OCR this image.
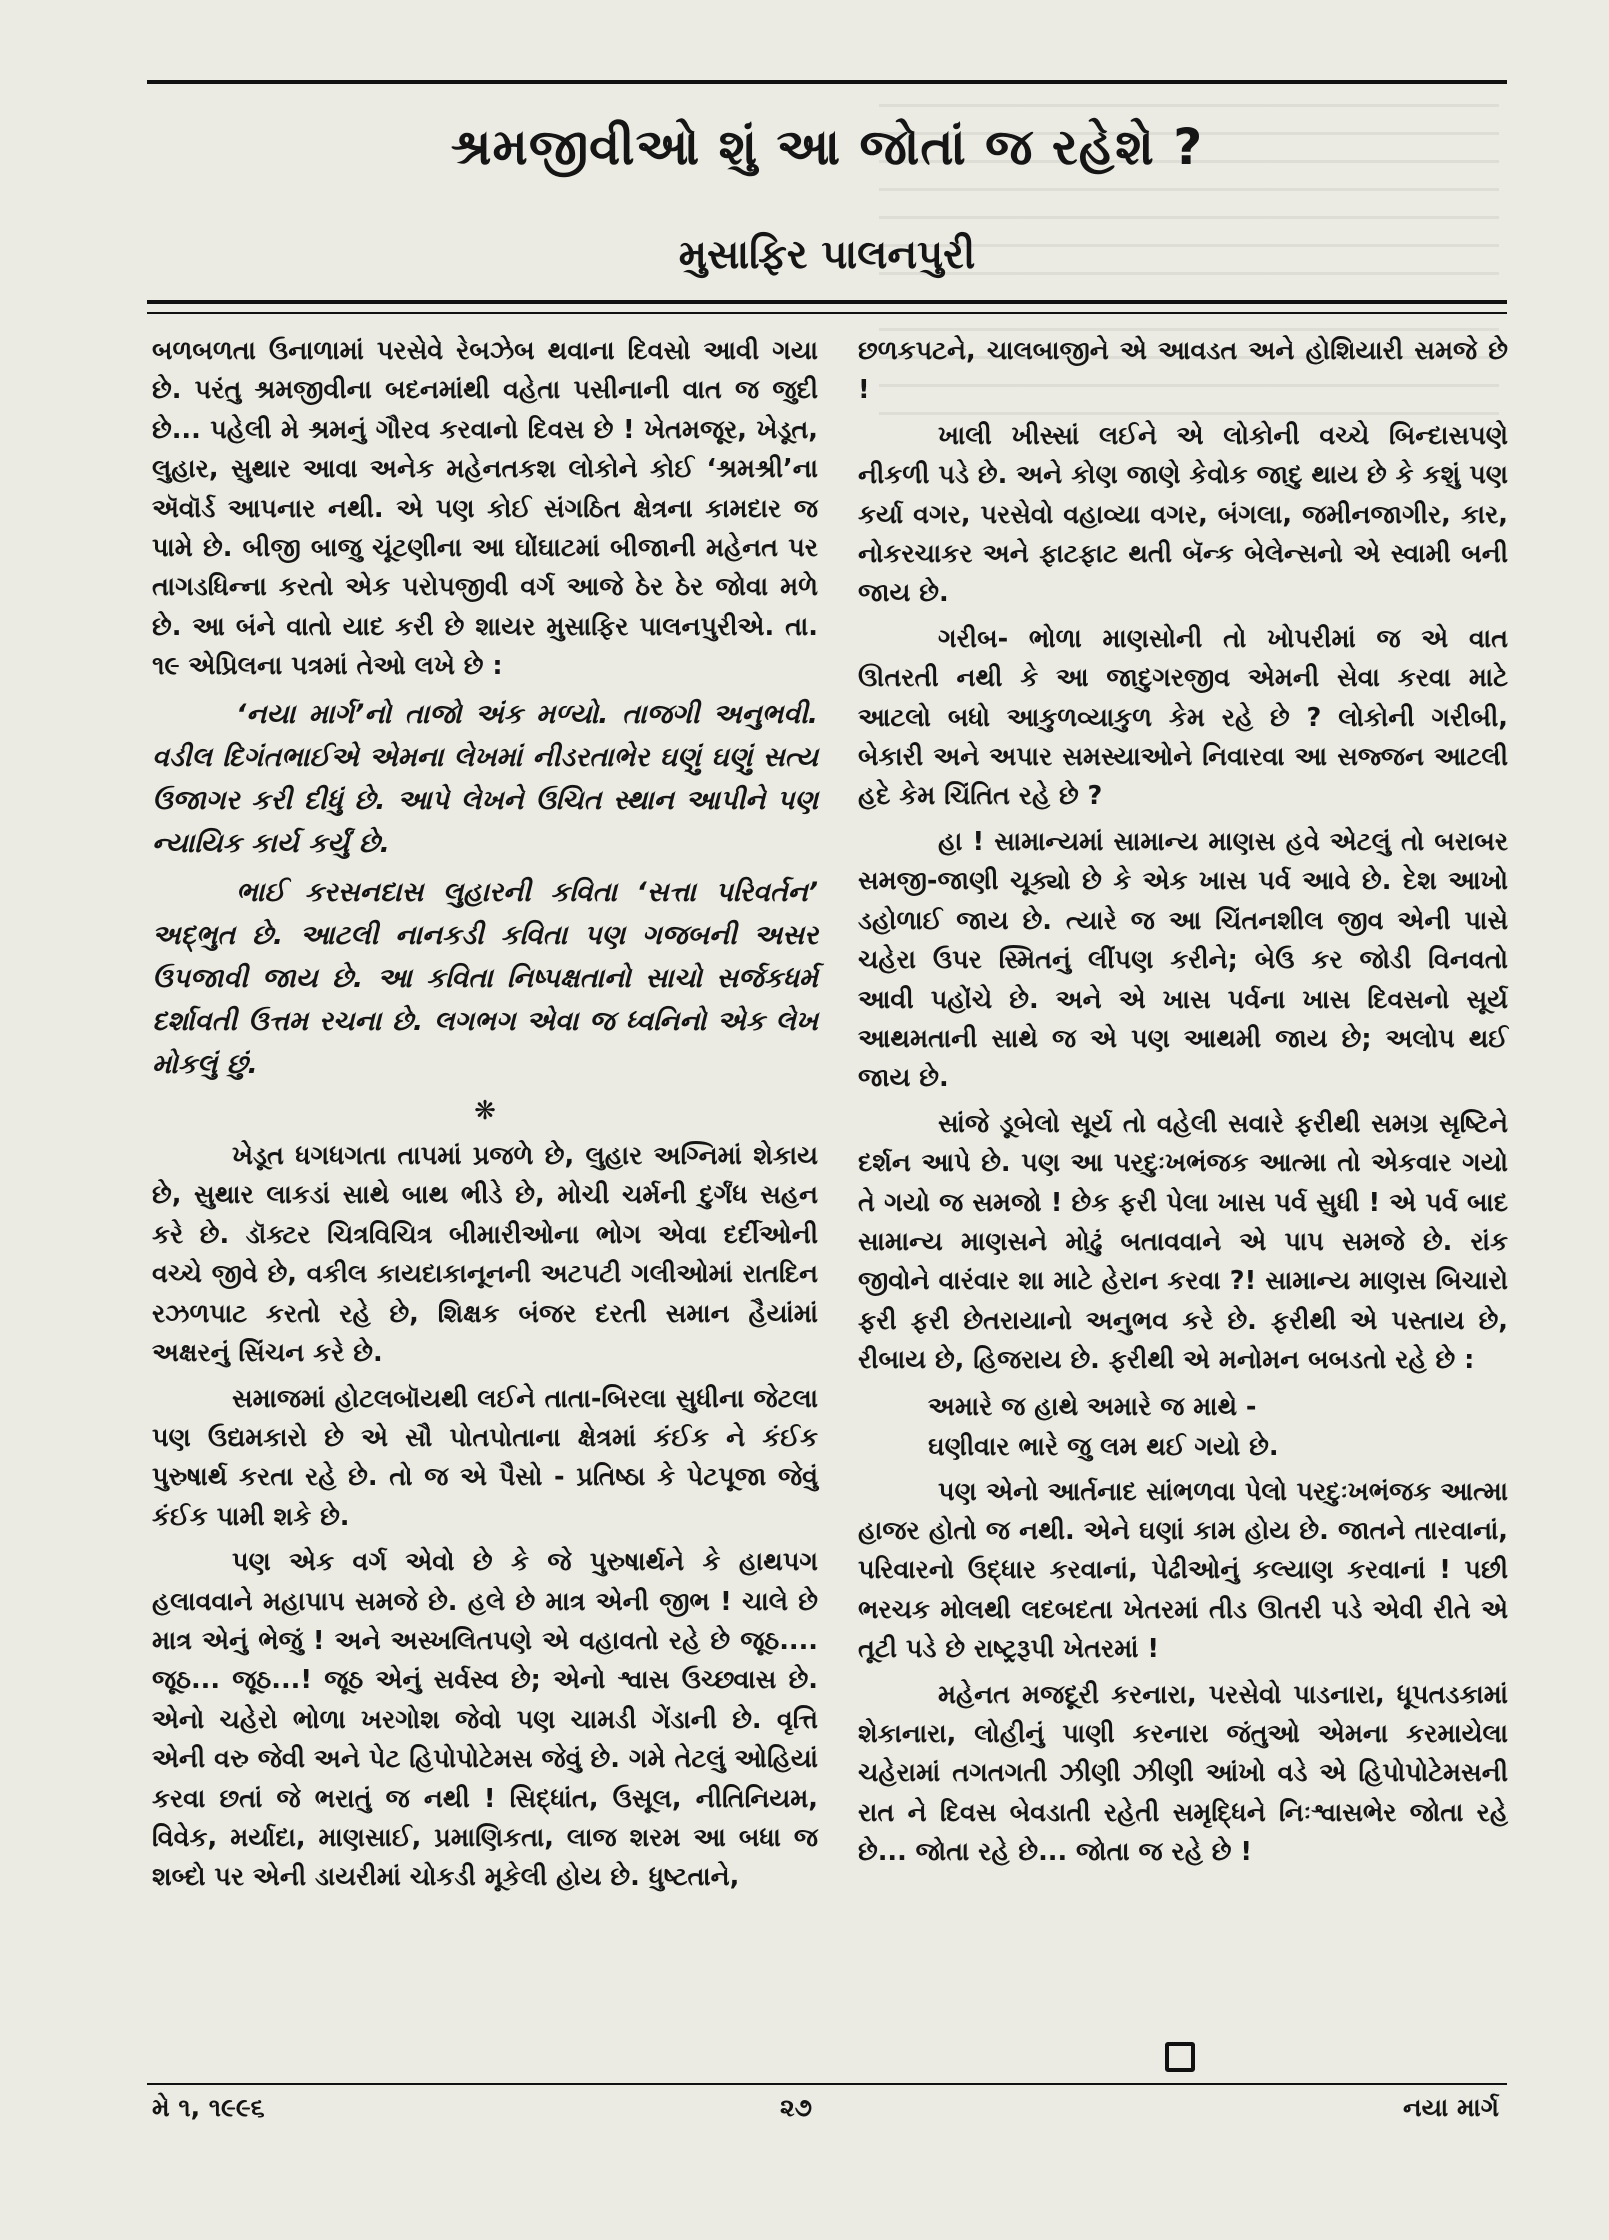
શ્રમજીવીઓ શું આ જોતાં જ રહેશે ?
મુસાફિર પાલનપુરી

બળબળતા ઉનાળામાં પરસેવે રેબઝેબ થવાના દિવસો આવી ગયા છે. પરંતુ શ્રમજીવીના બદનમાંથી વહેતા પસીનાની વાત જ જુદી છે... પહેલી મે શ્રમનું ગૌરવ કરવાનો દિવસ છે ! ખેતમજૂર, ખેડૂત, લુહાર, સુથાર આવા અનેક મહેનતકશ લોકોને કોઈ ‘શ્રમશ્રી’ના ઍવૉર્ડ આપનાર નથી. એ પણ કોઈ સંગઠિત ક્ષેત્રના કામદાર જ પામે છે. બીજી બાજુ ચૂંટણીના આ ઘોંઘાટમાં બીજાની મહેનત પર તાગડધિન્ના કરતો એક પરોપજીવી વર્ગ આજે ઠેર ઠેર જોવા મળે છે. આ બંને વાતો યાદ કરી છે શાયર મુસાફિર પાલનપુરીએ. તા. ૧૯ એપ્રિલના પત્રમાં તેઓ લખે છે :

‘નયા માર્ગ’નો તાજો અંક મળ્યો. તાજગી અનુભવી. વડીલ દિગંતભાઈએ એમના લેખમાં નીડરતાભેર ઘણું ઘણું સત્ય ઉજાગર કરી દીધું છે. આપે લેખને ઉચિત સ્થાન આપીને પણ ન્યાયિક કાર્ય કર્યું છે.

ભાઈ કરસનદાસ લુહારની કવિતા ‘સત્તા પરિવર્તન’ અદ્ભુત છે. આટલી નાનકડી કવિતા પણ ગજબની અસર ઉપજાવી જાય છે. આ કવિતા નિષ્પક્ષતાનો સાચો સર્જકધર્મ દર્શાવતી ઉત્તમ રચના છે. લગભગ એવા જ ધ્વનિનો એક લેખ મોકલું છું.

❋

ખેડૂત ધગધગતા તાપમાં પ્રજળે છે, લુહાર અગ્નિમાં શેકાય છે, સુથાર લાકડાં સાથે બાથ ભીડે છે, મોચી ચર્મની દુર્ગંધ સહન કરે છે. ડૉક્ટર ચિત્રવિચિત્ર બીમારીઓના ભોગ એવા દર્દીઓની વચ્ચે જીવે છે, વકીલ કાયદાકાનૂનની અટપટી ગલીઓમાં રાતદિન રઝળપાટ કરતો રહે છે, શિક્ષક બંજર દરતી સમાન હૈયાંમાં અક્ષરનું સિંચન કરે છે.

સમાજમાં હોટલબૉયથી લઈને તાતા-બિરલા સુધીના જેટલા પણ ઉદ્યમકારો છે એ સૌ પોતપોતાના ક્ષેત્રમાં કંઈક ને કંઈક પુરુષાર્થ કરતા રહે છે. તો જ એ પૈસો - પ્રતિષ્ઠા કે પેટપૂજા જેવું કંઈક પામી શકે છે.

પણ એક વર્ગ એવો છે કે જે પુરુષાર્થને કે હાથપગ હલાવવાને મહાપાપ સમજે છે. હલે છે માત્ર એની જીભ ! ચાલે છે માત્ર એનું ભેજું ! અને અસ્ખલિતપણે એ વહાવતો રહે છે જૂઠ.... જૂઠ... જૂઠ...! જૂઠ એનું સર્વસ્વ છે; એનો શ્વાસ ઉચ્છ્વાસ છે. એનો ચહેરો ભોળા ખરગોશ જેવો પણ ચામડી ગેંડાની છે. વૃત્તિ એની વરુ જેવી અને પેટ હિપોપોટેમસ જેવું છે. ગમે તેટલું ઓહિયાં કરવા છતાં જે ભરાતું જ નથી ! સિદ્ધાંત, ઉસૂલ, નીતિનિયમ, વિવેક, મર્યાદા, માણસાઈ, પ્રમાણિકતા, લાજ શરમ આ બધા જ શબ્દો પર એની ડાયરીમાં ચોકડી મૂકેલી હોય છે. ધુષ્ટતાને,

છળકપટને, ચાલબાજીને એ આવડત અને હોશિયારી સમજે છે !

ખાલી ખીસ્સાં લઈને એ લોકોની વચ્ચે બિન્દાસપણે નીકળી પડે છે. અને કોણ જાણે કેવોક જાદુ થાય છે કે કશું પણ કર્યા વગર, પરસેવો વહાવ્યા વગર, બંગલા, જમીનજાગીર, કાર, નોકરચાકર અને ફાટફાટ થતી બૅન્ક બેલેન્સનો એ સ્વામી બની જાય છે.

ગરીબ- ભોળા માણસોની તો ખોપરીમાં જ એ વાત ઊતરતી નથી કે આ જાદુગરજીવ એમની સેવા કરવા માટે આટલો બધો આકુળવ્યાકુળ કેમ રહે છે ? લોકોની ગરીબી, બેકારી અને અપાર સમસ્યાઓને નિવારવા આ સજ્જન આટલી હદે કેમ ચિંતિત રહે છે ?

હા ! સામાન્યમાં સામાન્ય માણસ હવે એટલું તો બરાબર સમજી-જાણી ચૂક્યો છે કે એક ખાસ પર્વ આવે છે. દેશ આખો ડહોળાઈ જાય છે. ત્યારે જ આ ચિંતનશીલ જીવ એની પાસે ચહેરા ઉપર સ્મિતનું લીંપણ કરીને; બેઉ કર જોડી વિનવતો આવી પહોંચે છે. અને એ ખાસ પર્વના ખાસ દિવસનો સૂર્ય આથમતાની સાથે જ એ પણ આથમી જાય છે; અલોપ થઈ જાય છે.

સાંજે ડૂબેલો સૂર્ય તો વહેલી સવારે ફરીથી સમગ્ર સૃષ્ટિને દર્શન આપે છે. પણ આ પરદુઃખભંજક આત્મા તો એકવાર ગયો તે ગયો જ સમજો ! છેક ફરી પેલા ખાસ પર્વ સુધી ! એ પર્વ બાદ સામાન્ય માણસને મોઢું બતાવવાને એ પાપ સમજે છે. રાંક જીવોને વારંવાર શા માટે હેરાન કરવા ?! સામાન્ય માણસ બિચારો ફરી ફરી છેતરાયાનો અનુભવ કરે છે. ફરીથી એ પસ્તાય છે, રીબાય છે, હિજરાય છે. ફરીથી એ મનોમન બબડતો રહે છે :

અમારે જ હાથે અમારે જ માથે -
ઘણીવાર ભારે જુ લમ થઈ ગયો છે.

પણ એનો આર્તનાદ સાંભળવા પેલો પરદુઃખભંજક આત્મા હાજર હોતો જ નથી. એને ઘણાં કામ હોય છે. જાતને તારવાનાં, પરિવારનો ઉદ્ધાર કરવાનાં, પેઢીઓનું કલ્યાણ કરવાનાં ! પછી ભરચક મોલથી લદબદતા ખેતરમાં તીડ ઊતરી પડે એવી રીતે એ તૂટી પડે છે રાષ્ટ્રરૂપી ખેતરમાં !

મહેનત મજદૂરી કરનારા, પરસેવો પાડનારા, ધૂપતડકામાં શેકાનારા, લોહીનું પાણી કરનારા જંતુઓ એમના કરમાયેલા ચહેરામાં તગતગતી ઝીણી ઝીણી આંખો વડે એ હિપોપોટેમસની રાત ને દિવસ બેવડાતી રહેતી સમૃદ્ધિને નિઃશ્વાસભેર જોતા રહે છે... જોતા રહે છે... જોતા જ રહે છે !

મે ૧, ૧૯૯૬	૨૭	નયા માર્ગ
